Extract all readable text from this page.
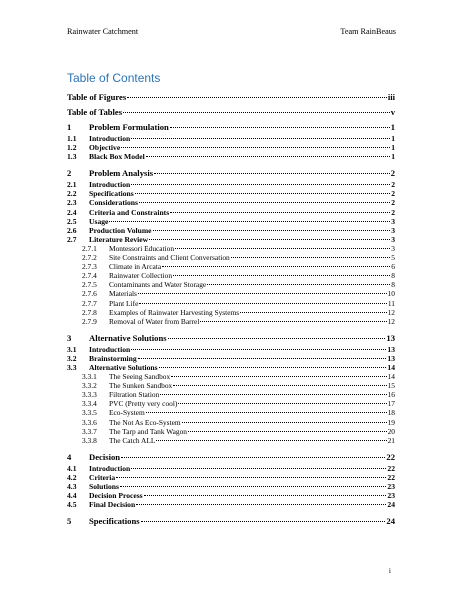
Rainwater Catchment	Team RainBeaus
Table of Contents
Table of Figures	iii
Table of Tables	v
1	Problem Formulation	1
1.1	Introduction	1
1.2	Objective	1
1.3	Black Box Model	1
2	Problem Analysis	2
2.1	Introduction	2
2.2	Specifications	2
2.3	Considerations	2
2.4	Criteria and Constraints	2
2.5	Usage	3
2.6	Production Volume	3
2.7	Literature Review	3
2.7.1	Montessori Education	3
2.7.2	Site Constraints and Client Conversation	5
2.7.3	Climate in Arcata	6
2.7.4	Rainwater Collection	8
2.7.5	Contaminants and Water Storage	8
2.7.6	Materials	10
2.7.7	Plant Life	11
2.7.8	Examples of Rainwater Harvesting Systems	12
2.7.9	Removal of Water from Barrel	12
3	Alternative Solutions	13
3.1	Introduction	13
3.2	Brainstorming	13
3.3	Alternative Solutions	14
3.3.1	The Seeing Sandbox	14
3.3.2	The Sunken Sandbox	15
3.3.3	Filtration Station	16
3.3.4	PVC (Pretty very cool)	17
3.3.5	Eco-System	18
3.3.6	The Not As Eco-System	19
3.3.7	The Tarp and Tank Wagon	20
3.3.8	The Catch ALL	21
4	Decision	22
4.1	Introduction	22
4.2	Criteria	22
4.3	Solutions	23
4.4	Decision Process	23
4.5	Final Decision	24
5	Specifications	24
i
